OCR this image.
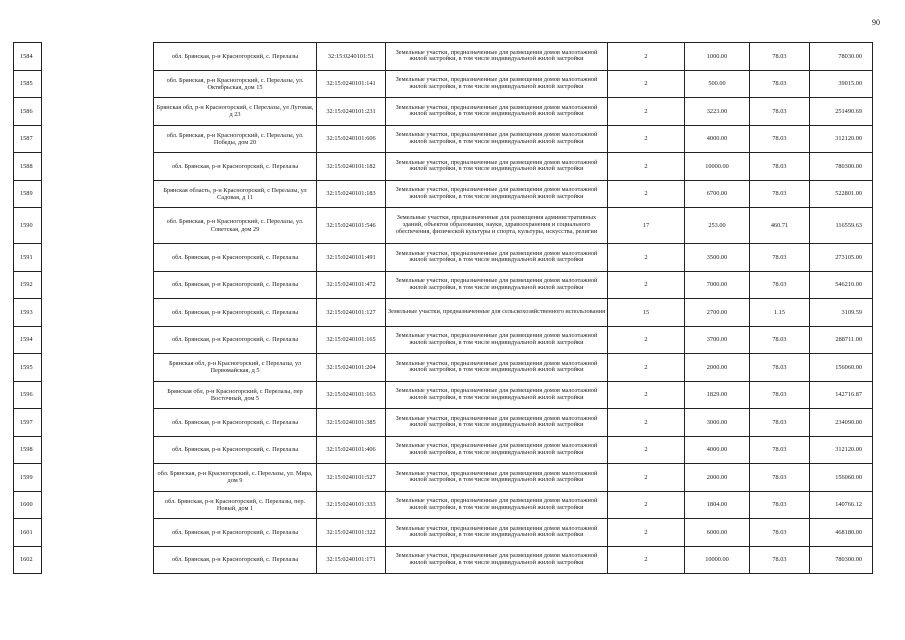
90
1584		обл. Брянская, р-н Красногорский, с. Перелазы	32:15:0240101:51	Земельные участки, предназначенные для размещения домов малоэтажной жилой застройки, в том числе индивидуальной жилой застройки	2	1000.00	78.03	78030.00
1585		обл. Брянская, р-н Красногорский, с. Перелазы, ул. Октябрьская, дом 15	32:15:0240101:141	Земельные участки, предназначенные для размещения домов малоэтажной жилой застройки, в том числе индивидуальной жилой застройки	2	500.00	78.03	39015.00
1586		Брянская обл, р-н Красногорский, с Перелазы, ул Луговая, д 23	32:15:0240101:231	Земельные участки, предназначенные для размещения домов малоэтажной жилой застройки, в том числе индивидуальной жилой застройки	2	3223.00	78.03	251490.69
1587		обл. Брянская, р-н Красногорский, с. Перелазы, ул. Победы, дом 20	32:15:0240101:606	Земельные участки, предназначенные для размещения домов малоэтажной жилой застройки, в том числе индивидуальной жилой застройки	2	4000.00	78.03	312120.00
1588		обл. Брянская, р-н Красногорский, с. Перелазы	32:15:0240101:182	Земельные участки, предназначенные для размещения домов малоэтажной жилой застройки, в том числе индивидуальной жилой застройки	2	10000.00	78.03	780300.00
1589		Брянская область, р-н Красногорский, с Перелазы, ул Садовая, д 11	32:15:0240101:183	Земельные участки, предназначенные для размещения домов малоэтажной жилой застройки, в том числе индивидуальной жилой застройки	2	6700.00	78.03	522801.00
1590		обл. Брянская, р-н Красногорский, с. Перелазы, ул. Советская, дом 29	32:15:0240101:546	Земельные участки, предназначенные для размещения административных зданий, объектов образования, науки, здравоохранения и социального обеспечения, физической культуры и спорта, культуры, искусства, религии	17	253.00	460.71	116559.63
1591		обл. Брянская, р-н Красногорский, с. Перелазы	32:15:0240101:491	Земельные участки, предназначенные для размещения домов малоэтажной жилой застройки, в том числе индивидуальной жилой застройки	2	3500.00	78.03	273105.00
1592		обл. Брянская, р-н Красногорский, с. Перелазы	32:15:0240101:472	Земельные участки, предназначенные для размещения домов малоэтажной жилой застройки, в том числе индивидуальной жилой застройки	2	7000.00	78.03	546210.00
1593		обл. Брянская, р-н Красногорский, с. Перелазы	32:15:0240101:127	Земельные участки, предназначенные для сельскохозяйственного использования	15	2700.00	1.15	3109.59
1594		обл. Брянская, р-н Красногорский, с. Перелазы	32:15:0240101:165	Земельные участки, предназначенные для размещения домов малоэтажной жилой застройки, в том числе индивидуальной жилой застройки	2	3700.00	78.03	288711.00
1595		Брянская обл, р-н Красногорский, с Перелазы, ул Первомайская, д 5	32:15:0240101:204	Земельные участки, предназначенные для размещения домов малоэтажной жилой застройки, в том числе индивидуальной жилой застройки	2	2000.00	78.03	156060.00
1596		Брянская обл, р-н Красногорский, с Перелазы, пер Восточный, дом 5	32:15:0240101:163	Земельные участки, предназначенные для размещения домов малоэтажной жилой застройки, в том числе индивидуальной жилой застройки	2	1829.00	78.03	142716.87
1597		обл. Брянская, р-н Красногорский, с. Перелазы	32:15:0240101:385	Земельные участки, предназначенные для размещения домов малоэтажной жилой застройки, в том числе индивидуальной жилой застройки	2	3000.00	78.03	234090.00
1598		обл. Брянская, р-н Красногорский, с. Перелазы	32:15:0240101:406	Земельные участки, предназначенные для размещения домов малоэтажной жилой застройки, в том числе индивидуальной жилой застройки	2	4000.00	78.03	312120.00
1599		обл. Брянская, р-н Красногорский, с. Перелазы, ул. Мира, дом 9	32:15:0240101:527	Земельные участки, предназначенные для размещения домов малоэтажной жилой застройки, в том числе индивидуальной жилой застройки	2	2000.00	78.03	156060.00
1600		обл. Брянская, р-н Красногорский, с. Перелазы, пер. Новый, дом 1	32:15:0240101:333	Земельные участки, предназначенные для размещения домов малоэтажной жилой застройки, в том числе индивидуальной жилой застройки	2	1804.00	78.03	140766.12
1601		обл. Брянская, р-н Красногорский, с. Перелазы	32:15:0240101:322	Земельные участки, предназначенные для размещения домов малоэтажной жилой застройки, в том числе индивидуальной жилой застройки	2	6000.00	78.03	468180.00
1602		обл. Брянская, р-н Красногорский, с. Перелазы	32:15:0240101:171	Земельные участки, предназначенные для размещения домов малоэтажной жилой застройки, в том числе индивидуальной жилой застройки	2	10000.00	78.03	780300.00
